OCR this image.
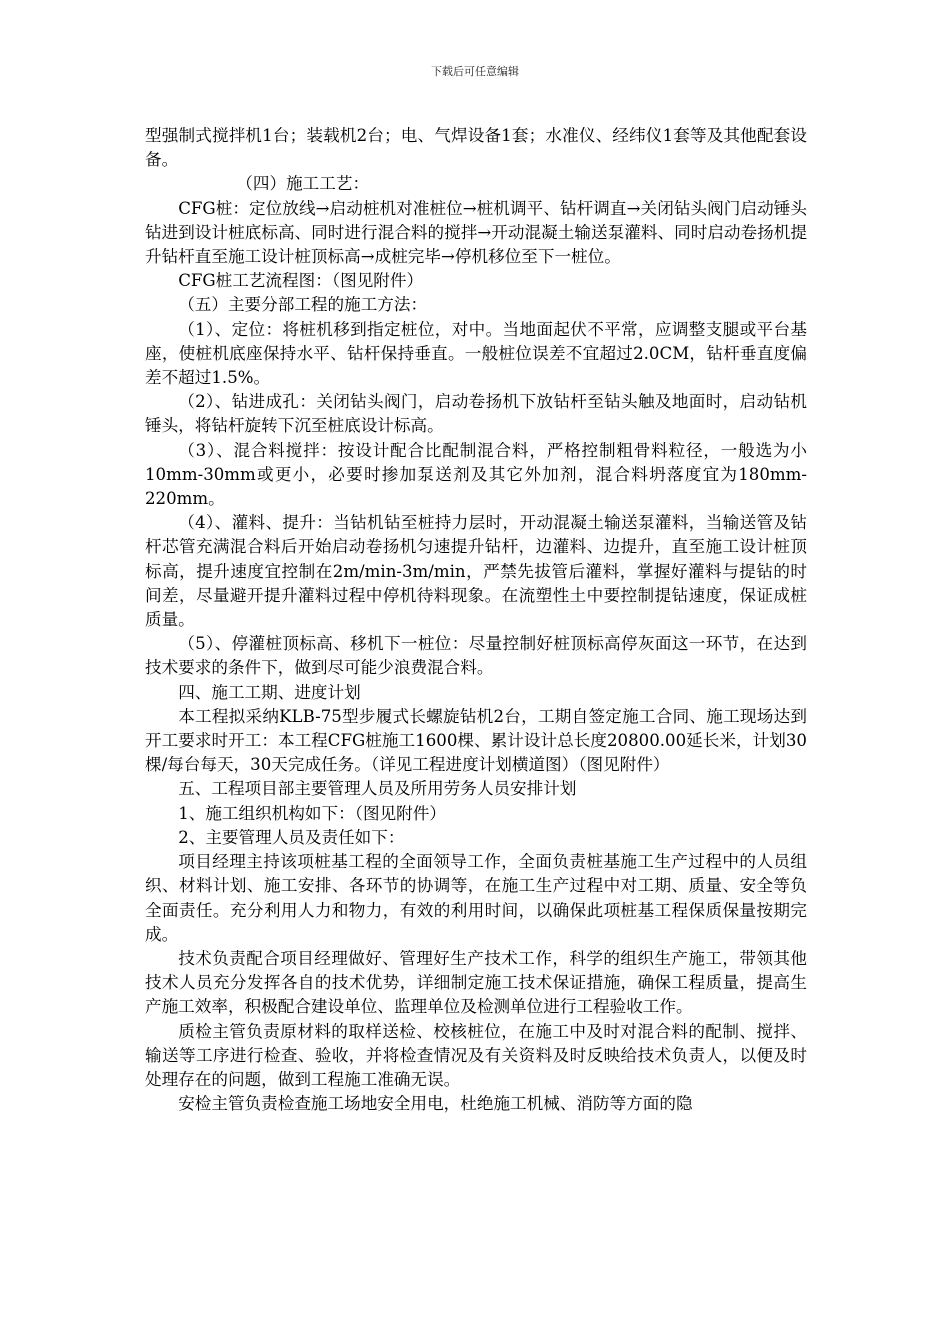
下载后可任意编辑

型强制式搅拌机1台；装载机2台；电、气焊设备1套；水准仪、经纬仪1套等及其他配套设备。

（四）施工工艺：

CFG桩：定位放线→启动桩机对准桩位→桩机调平、钻杆调直→关闭钻头阀门启动锤头钻进到设计桩底标高、同时进行混合料的搅拌→开动混凝土输送泵灌料、同时启动卷扬机提升钻杆直至施工设计桩顶标高→成桩完毕→停机移位至下一桩位。

CFG桩工艺流程图：（图见附件）

（五）主要分部工程的施工方法：

（1）、定位：将桩机移到指定桩位，对中。当地面起伏不平常，应调整支腿或平台基座，使桩机底座保持水平、钻杆保持垂直。一般桩位误差不宜超过2.0CM，钻杆垂直度偏差不超过1.5%。

（2）、钻进成孔：关闭钻头阀门，启动卷扬机下放钻杆至钻头触及地面时，启动钻机锤头，将钻杆旋转下沉至桩底设计标高。

（3）、混合料搅拌：按设计配合比配制混合料，严格控制粗骨料粒径，一般选为小10mm-30mm或更小，必要时掺加泵送剂及其它外加剂，混合料坍落度宜为180mm-220mm。

（4）、灌料、提升：当钻机钻至桩持力层时，开动混凝土输送泵灌料，当输送管及钻杆芯管充满混合料后开始启动卷扬机匀速提升钻杆，边灌料、边提升，直至施工设计桩顶标高，提升速度宜控制在2m/min-3m/min，严禁先拔管后灌料，掌握好灌料与提钻的时间差，尽量避开提升灌料过程中停机待料现象。在流塑性土中要控制提钻速度，保证成桩质量。

（5）、停灌桩顶标高、移机下一桩位：尽量控制好桩顶标高停灰面这一环节，在达到技术要求的条件下，做到尽可能少浪费混合料。

四、施工工期、进度计划

本工程拟采纳KLB-75型步履式长螺旋钻机2台，工期自签定施工合同、施工现场达到开工要求时开工：本工程CFG桩施工1600棵、累计设计总长度20800.00延长米，计划30棵/每台每天，30天完成任务。（详见工程进度计划横道图）（图见附件）

五、工程项目部主要管理人员及所用劳务人员安排计划

1、施工组织机构如下：（图见附件）

2、主要管理人员及责任如下：

项目经理主持该项桩基工程的全面领导工作，全面负责桩基施工生产过程中的人员组织、材料计划、施工安排、各环节的协调等，在施工生产过程中对工期、质量、安全等负全面责任。充分利用人力和物力，有效的利用时间，以确保此项桩基工程保质保量按期完成。

技术负责配合项目经理做好、管理好生产技术工作，科学的组织生产施工，带领其他技术人员充分发挥各自的技术优势，详细制定施工技术保证措施，确保工程质量，提高生产施工效率，积极配合建设单位、监理单位及检测单位进行工程验收工作。

质检主管负责原材料的取样送检、校核桩位，在施工中及时对混合料的配制、搅拌、输送等工序进行检查、验收，并将检查情况及有关资料及时反映给技术负责人，以便及时处理存在的问题，做到工程施工准确无误。

安检主管负责检查施工场地安全用电，杜绝施工机械、消防等方面的隐
